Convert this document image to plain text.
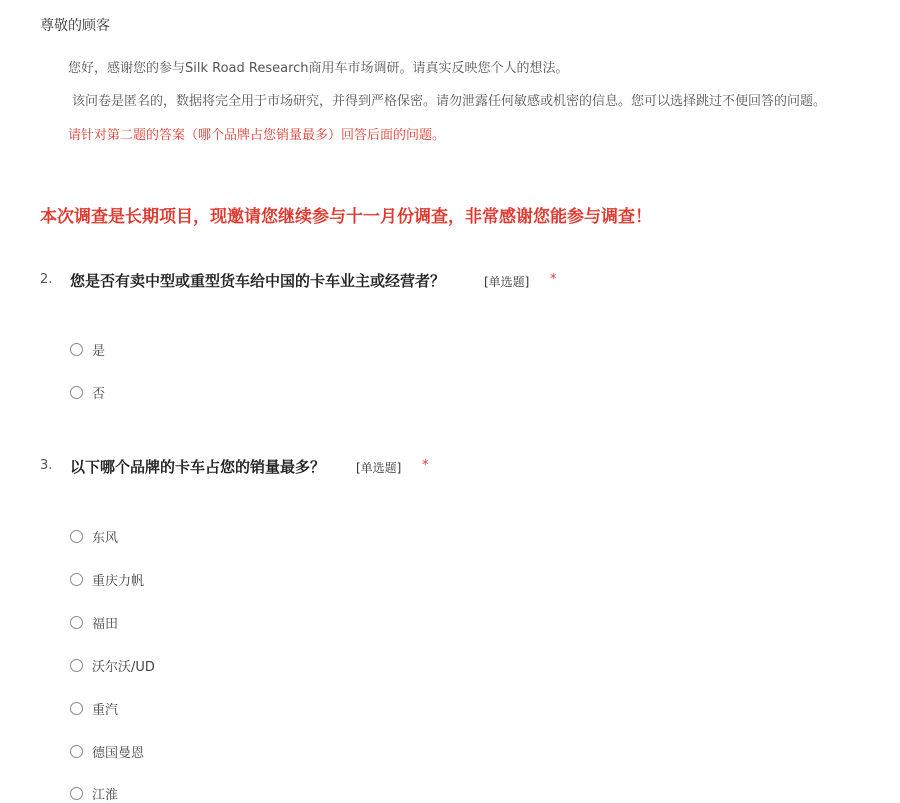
尊敬的顾客
您好，感谢您的参与Silk Road Research商用车市场调研。请真实反映您个人的想法。
该问卷是匿名的，数据将完全用于市场研究，并得到严格保密。请勿泄露任何敏感或机密的信息。您可以选择跳过不便回答的问题。
请针对第二题的答案（哪个品牌占您销量最多）回答后面的问题。
本次调查是长期项目，现邀请您继续参与十一月份调查，非常感谢您能参与调查！
2. 您是否有卖中型或重型货车给中国的卡车业主或经营者？	[单选题] *
是
否
3. 以下哪个品牌的卡车占您的销量最多？	[单选题] *
东风
重庆力帆
福田
沃尔沃/UD
重汽
德国曼恩
江淮
